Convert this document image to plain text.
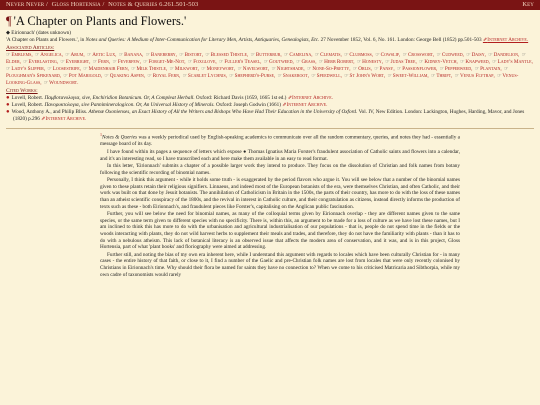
Never Never / Gloss Hortensia / Notes & Queries 6.261.501-503	Key
¶ 'A Chapter on Plants and Flowers.'

◆ Eirionnach' (dates unknown)

'A Chapter on Plants and Flowers.', in Notes and Queries: A Medium of Inter-Communication for Literary Men, Artists, Antiquaries, Genealogists, Etc. 27 November 1852, Vol. 6, No. 161. London: George Bell (1852) pp.501-503 ⇗Internet Archive.

Associated Articles:

☞Emblems, ☞Angelica, ☞Arum, ☞Aetic Lux, ☞Banana, ☞Baneberry, ☞Bistort, ☞Blessed Thistle, ☞Butterbur, ☞Camelina, ☞Clematis, ☞Clubmoss, ☞Cowslip, ☞Crosswort, ☞Cudweed, ☞Daisy, ☞Dandelion, ☞Elder, ☞Everlasting, ☞Eyebright, ☞Fern, ☞Feverfew, ☞Forget-Me-Not, ☞Foxglove, ☞Fuller's Teasel, ☞Goutweed, ☞Grass, ☞Herb Robert, ☞Honesty, ☞Judas Tree, ☞Kidney-Vetch, ☞Knapweed, ☞Lady's Mantle, ☞Lady's Slipper, ☞Loosestrife, ☞Maidenhair Fern, ☞Milk Thistle, ☞Milkwort, ☞Moneywort, ☞Navelwort, ☞Nightshade, ☞None-So-Pretty, ☞Orlis, ☞Pansy, ☞Passionflower, ☞Pepperweed, ☞Plantain, ☞Ploughman's Spikenard, ☞Pot Marigold, ☞Quaking Aspen, ☞Royal Fern, ☞Scarlet Lychnis, ☞Shepherd's-Purse, ☞Snakeroot, ☞Speedwell, ☞St John's Wort, ☞Sweet-William, ☞Thrift, ☞Venus Flytrap, ☞Venus-Looking-Glass, ☞Woundwort.

Cited Works:

● Lovell, Robert. Παμβοτανολογια, sive, Enchiridion Botanicum. Or, A Compleat Herball. Oxford: Richard Davis (1659, 1665 1st ed.) ⇗Internet Archive.

● Lovell, Robert. Πανορυκτολογια, sive Pannimineralogicon. Or, An Universal History of Minerals. Oxford: Joseph Godwin (1661) ⇗Internet Archive.

● Wood, Anthony A., and Philip Bliss. Athenæ Oxonienses, an Exact History of All the Writers and Bishops Who Have Had Their Education in the University of Oxford. Vol. IV, New Edition. London: Lackington, Hughes, Harding, Mavor, and Jones (1820) p.296 ⇗Internet Archive.

$^1$Notes & Queries was a weekly periodical used by English-speaking academics to communicate over all the random commentary, queries, and notes they had - essentially a message board of its day.

I have found within its pages a sequence of letters which expose ● Thomas Ignatius Maria Forster's fraudulent association of Catholic saints and flowers into a calendar, and it's an interesting read, so I have transcribed each and here make them available in an easy to read format.

In this letter, 'Eirionnach' submits a chapter of a possible larger work they intend to produce. They focus on the dissolution of Christian and folk names from botany following the scientific recording of binomial names.

Personally, I think this argument - while it holds some truth - is exaggerated by the period flavors who argue it. You will see below that a number of the binomial names given to these plants retain their religious signifiers. Linnaeus, and indeed most of the European botanists of the era, were themselves Christian, and often Catholic, and their work was built on that done by Jesuit botanists. The annihilation of Catholicism in Britain in the 1500s, the parts of their country, has more to do with the loss of these names than an atheist scientific conspiracy of the 1800s, and the revival in interest in Catholic culture, and their congratulation as citizens, instead directly informs the production of texts such as these - both Eirionnach's, and fraudulent pieces like Forster's, capitalising on the Anglican public fascination.

Further, you will see below the need for binomial names, as many of the colloquial terms given by Eirionnach overlap - they are different names given to the same species, or the same term given to different species with no specificity. There is, within this, an argument to be made for a loss of culture as we have lost these names, but I am inclined to think this has more to do with the urbanisation and agricultural industrialisation of our populations - that is, people do not spend time in the fields or the woods interacting with plants, they do not wild harvest herbs to supplement their meals and trades, and therefore, they do not have the familiarity with plants - than it has to do with a nebulous atheism. This lack of botanical literacy is an observed issue that affects the modern area of conservation, and it was, and is in this project, Gloss Hortensia, part of what 'plant books' and floriography were aimed at addressing.

Further still, and noting the bias of my own era inherent here, while I understand this argument with regards to locales which have been culturally Christian for - in many cases - the entire history of that faith, or close to it, I find a number of the Gaelic and pre-Christian folk names are lost from locales that were only recently colonised by Christians in Eirionnach's time. Why should their flora be named for saints they have no connection to? When we come to his criticised Matricaria and Sibthorpia, while my own cadre of taxonomists would rarely
